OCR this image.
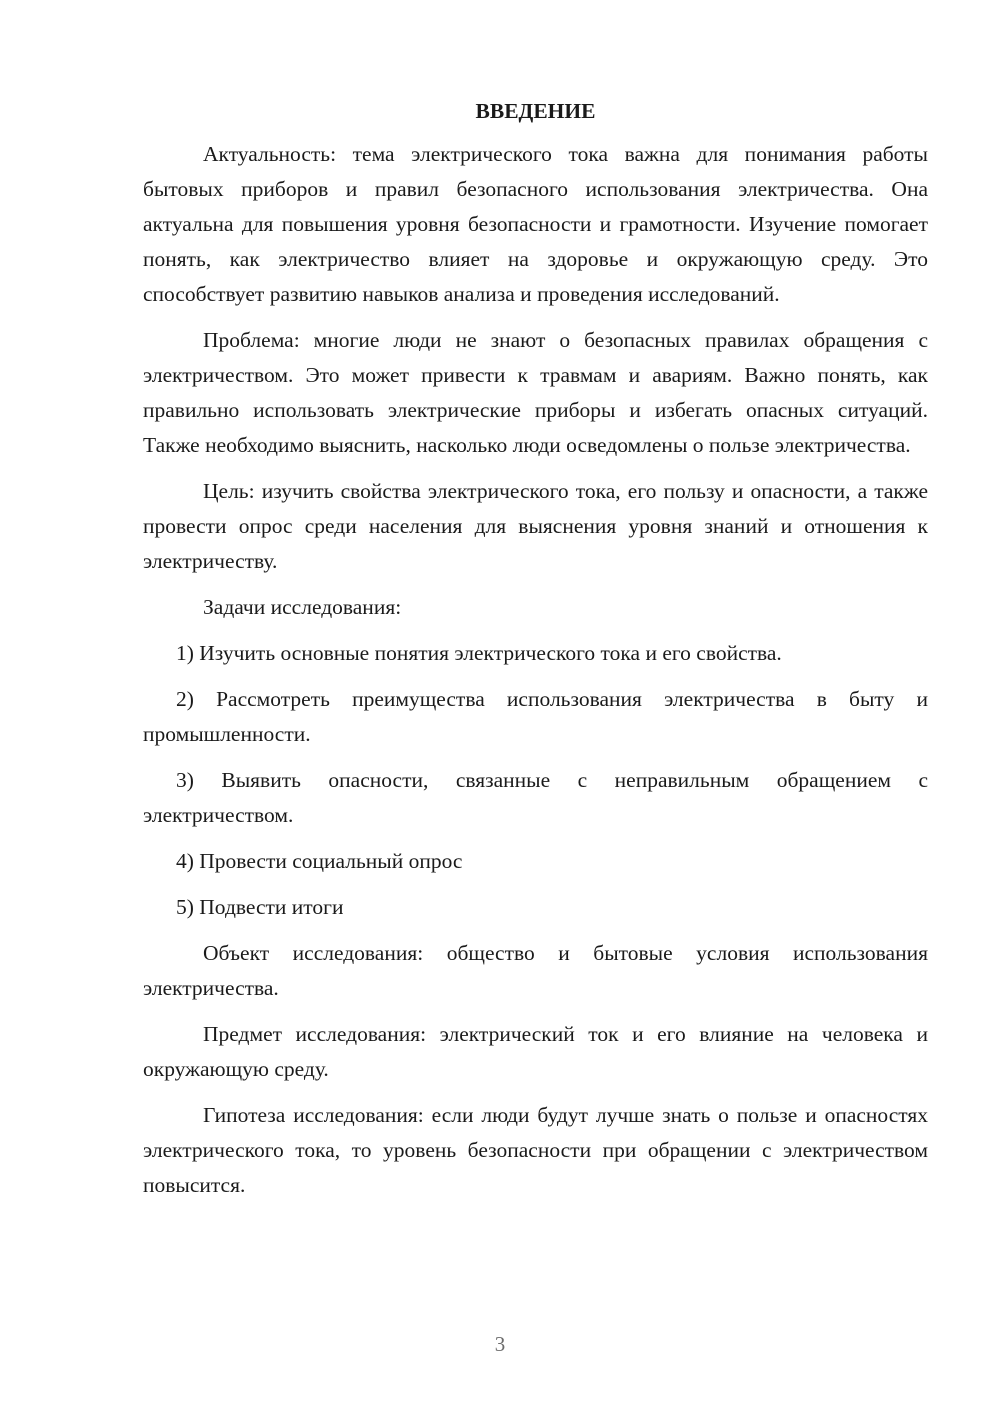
ВВЕДЕНИЕ

Актуальность: тема электрического тока важна для понимания работы бытовых приборов и правил безопасного использования электричества. Она актуальна для повышения уровня безопасности и грамотности. Изучение помогает понять, как электричество влияет на здоровье и окружающую среду. Это способствует развитию навыков анализа и проведения исследований.

Проблема: многие люди не знают о безопасных правилах обращения с электричеством. Это может привести к травмам и авариям. Важно понять, как правильно использовать электрические приборы и избегать опасных ситуаций. Также необходимо выяснить, насколько люди осведомлены о пользе электричества.

Цель: изучить свойства электрического тока, его пользу и опасности, а также провести опрос среди населения для выяснения уровня знаний и отношения к электричеству.

Задачи исследования:

1) Изучить основные понятия электрического тока и его свойства.

2) Рассмотреть преимущества использования электричества в быту и промышленности.

3) Выявить опасности, связанные с неправильным обращением с электричеством.

4) Провести социальный опрос

5) Подвести итоги

Объект исследования: общество и бытовые условия использования электричества.

Предмет исследования: электрический ток и его влияние на человека и окружающую среду.

Гипотеза исследования: если люди будут лучше знать о пользе и опасностях электрического тока, то уровень безопасности при обращении с электричеством повысится.

3
